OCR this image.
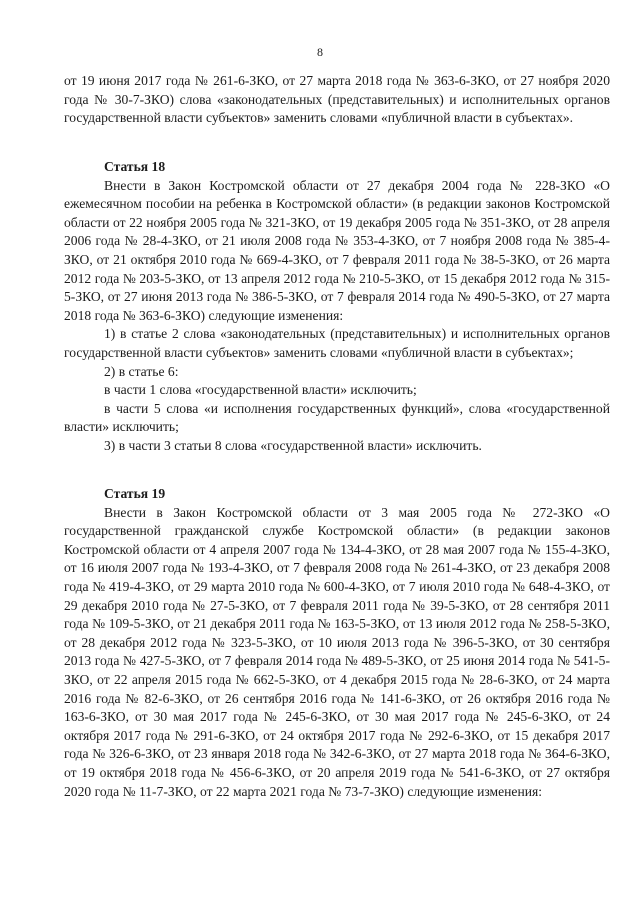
8

от 19 июня 2017 года № 261-6-ЗКО, от 27 марта 2018 года № 363-6-ЗКО, от 27 ноября 2020 года № 30-7-ЗКО) слова «законодательных (представительных) и исполнительных органов государственной власти субъектов» заменить словами «публичной власти в субъектах».

Статья 18

Внести в Закон Костромской области от 27 декабря 2004 года № 228-ЗКО «О ежемесячном пособии на ребенка в Костромской области» (в редакции законов Костромской области от 22 ноября 2005 года № 321-ЗКО, от 19 декабря 2005 года № 351-ЗКО, от 28 апреля 2006 года № 28-4-ЗКО, от 21 июля 2008 года № 353-4-ЗКО, от 7 ноября 2008 года № 385-4-ЗКО, от 21 октября 2010 года № 669-4-ЗКО, от 7 февраля 2011 года № 38-5-ЗКО, от 26 марта 2012 года № 203-5-ЗКО, от 13 апреля 2012 года № 210-5-ЗКО, от 15 декабря 2012 года № 315-5-ЗКО, от 27 июня 2013 года № 386-5-ЗКО, от 7 февраля 2014 года № 490-5-ЗКО, от 27 марта 2018 года № 363-6-ЗКО) следующие изменения:

1) в статье 2 слова «законодательных (представительных) и исполнительных органов государственной власти субъектов» заменить словами «публичной власти в субъектах»;

2) в статье 6:

в части 1 слова «государственной власти» исключить;

в части 5 слова «и исполнения государственных функций», слова «государственной власти» исключить;

3) в части 3 статьи 8 слова «государственной власти» исключить.

Статья 19

Внести в Закон Костромской области от 3 мая 2005 года № 272-ЗКО «О государственной гражданской службе Костромской области» (в редакции законов Костромской области от 4 апреля 2007 года № 134-4-ЗКО, от 28 мая 2007 года № 155-4-ЗКО, от 16 июля 2007 года № 193-4-ЗКО, от 7 февраля 2008 года № 261-4-ЗКО, от 23 декабря 2008 года № 419-4-ЗКО, от 29 марта 2010 года № 600-4-ЗКО, от 7 июля 2010 года № 648-4-ЗКО, от 29 декабря 2010 года № 27-5-ЗКО, от 7 февраля 2011 года № 39-5-ЗКО, от 28 сентября 2011 года № 109-5-ЗКО, от 21 декабря 2011 года № 163-5-ЗКО, от 13 июля 2012 года № 258-5-ЗКО, от 28 декабря 2012 года № 323-5-ЗКО, от 10 июля 2013 года № 396-5-ЗКО, от 30 сентября 2013 года № 427-5-ЗКО, от 7 февраля 2014 года № 489-5-ЗКО, от 25 июня 2014 года № 541-5-ЗКО, от 22 апреля 2015 года № 662-5-ЗКО, от 4 декабря 2015 года № 28-6-ЗКО, от 24 марта 2016 года № 82-6-ЗКО, от 26 сентября 2016 года № 141-6-ЗКО, от 26 октября 2016 года № 163-6-ЗКО, от 30 мая 2017 года № 245-6-ЗКО, от 30 мая 2017 года № 245-6-ЗКО, от 24 октября 2017 года № 291-6-ЗКО, от 24 октября 2017 года № 292-6-ЗКО, от 15 декабря 2017 года № 326-6-ЗКО, от 23 января 2018 года № 342-6-ЗКО, от 27 марта 2018 года № 364-6-ЗКО, от 19 октября 2018 года № 456-6-ЗКО, от 20 апреля 2019 года № 541-6-ЗКО, от 27 октября 2020 года № 11-7-ЗКО, от 22 марта 2021 года № 73-7-ЗКО) следующие изменения:
